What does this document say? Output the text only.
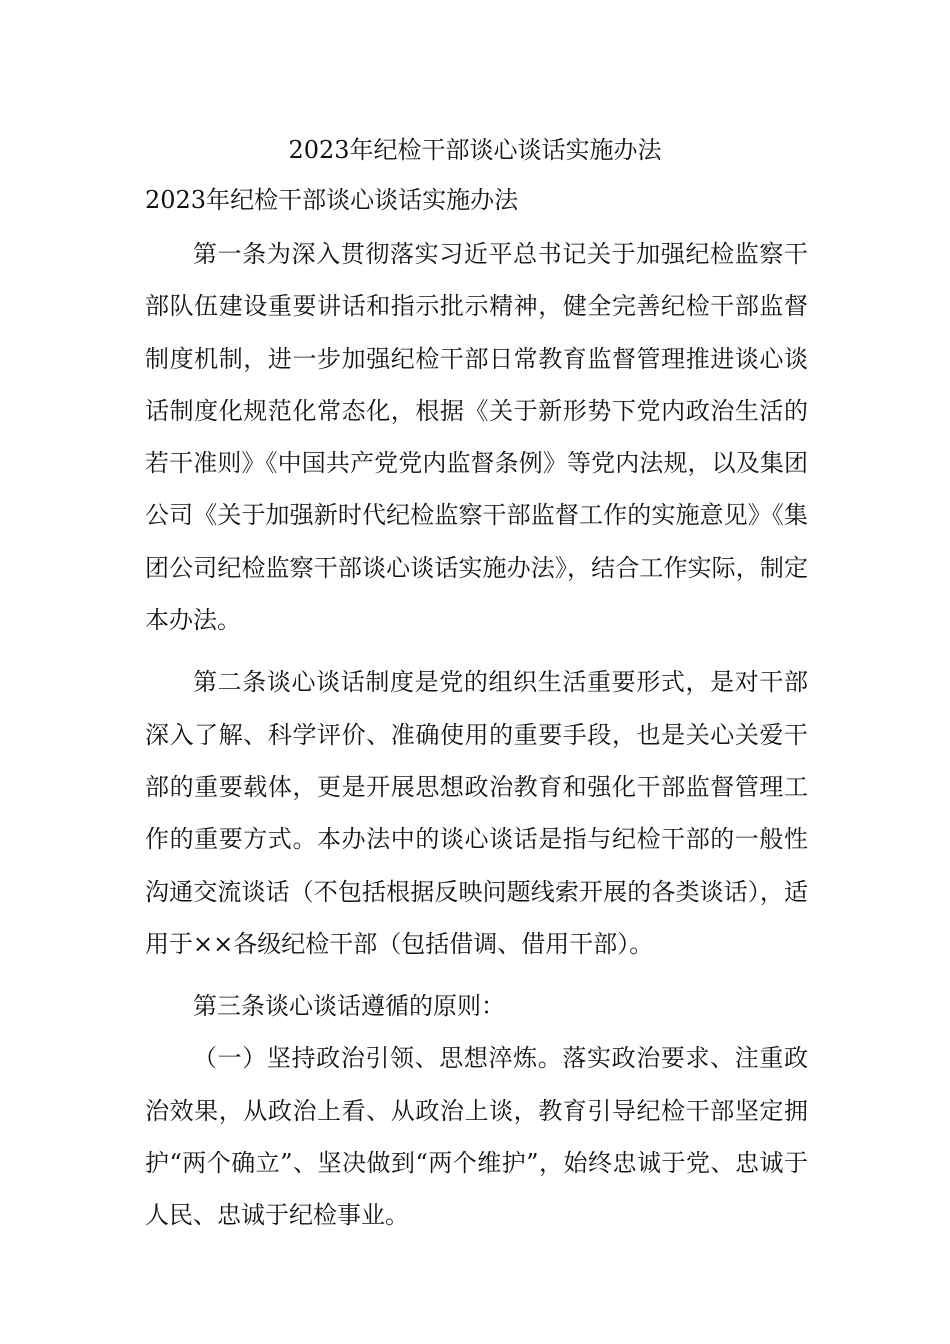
2023年纪检干部谈心谈话实施办法
2023年纪检干部谈心谈话实施办法

第一条为深入贯彻落实习近平总书记关于加强纪检监察干部队伍建设重要讲话和指示批示精神，健全完善纪检干部监督制度机制，进一步加强纪检干部日常教育监督管理推进谈心谈话制度化规范化常态化，根据《关于新形势下党内政治生活的若干准则》《中国共产党党内监督条例》等党内法规，以及集团公司《关于加强新时代纪检监察干部监督工作的实施意见》《集团公司纪检监察干部谈心谈话实施办法》，结合工作实际，制定本办法。

第二条谈心谈话制度是党的组织生活重要形式，是对干部深入了解、科学评价、准确使用的重要手段，也是关心关爱干部的重要载体，更是开展思想政治教育和强化干部监督管理工作的重要方式。本办法中的谈心谈话是指与纪检干部的一般性沟通交流谈话（不包括根据反映问题线索开展的各类谈话），适用于××各级纪检干部（包括借调、借用干部）。

第三条谈心谈话遵循的原则：

（一）坚持政治引领、思想淬炼。落实政治要求、注重政治效果，从政治上看、从政治上谈，教育引导纪检干部坚定拥护“两个确立”、坚决做到“两个维护”，始终忠诚于党、忠诚于人民、忠诚于纪检事业。
